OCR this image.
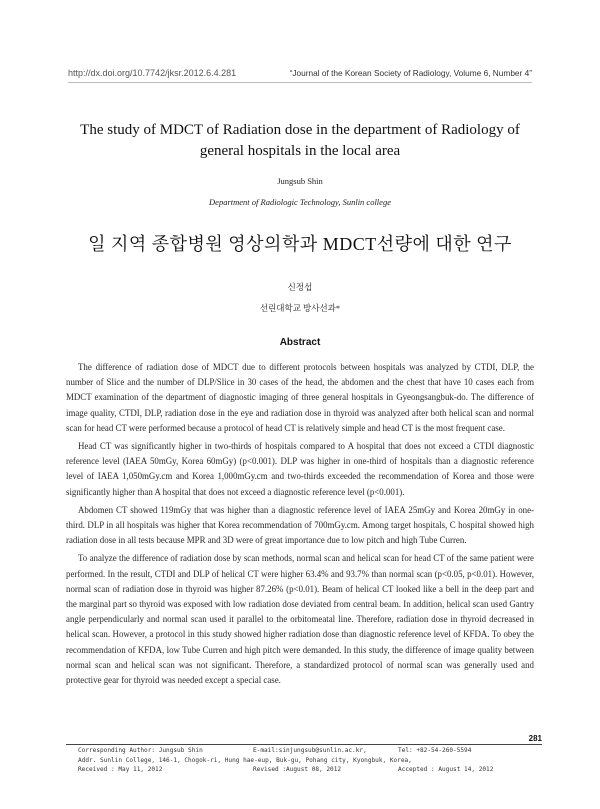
http://dx.doi.org/10.7742/jksr.2012.6.4.281	“Journal of the Korean Society of Radiology, Volume 6, Number 4”
The study of MDCT of Radiation dose in the department of Radiology of general hospitals in the local area
Jungsub Shin
Department of Radiologic Technology, Sunlin college
일 지역 종합병원 영상의학과 MDCT선량에 대한 연구
신정섭
선린대학교 방사선과*
Abstract

The difference of radiation dose of MDCT due to different protocols between hospitals was analyzed by CTDI, DLP, the number of Slice and the number of DLP/Slice in 30 cases of the head, the abdomen and the chest that have 10 cases each from MDCT examination of the department of diagnostic imaging of three general hospitals in Gyeongsangbuk-do. The difference of image quality, CTDI, DLP, radiation dose in the eye and radiation dose in thyroid was analyzed after both helical scan and normal scan for head CT were performed because a protocol of head CT is relatively simple and head CT is the most frequent case.

Head CT was significantly higher in two-thirds of hospitals compared to A hospital that does not exceed a CTDI diagnostic reference level (IAEA 50mGy, Korea 60mGy) (p<0.001). DLP was higher in one-third of hospitals than a diagnostic reference level of IAEA 1,050mGy.cm and Korea 1,000mGy.cm and two-thirds exceeded the recommendation of Korea and those were significantly higher than A hospital that does not exceed a diagnostic reference level (p<0.001).

Abdomen CT showed 119mGy that was higher than a diagnostic reference level of IAEA 25mGy and Korea 20mGy in one-third. DLP in all hospitals was higher that Korea recommendation of 700mGy.cm. Among target hospitals, C hospital showed high radiation dose in all tests because MPR and 3D were of great importance due to low pitch and high Tube Curren.

To analyze the difference of radiation dose by scan methods, normal scan and helical scan for head CT of the same patient were performed. In the result, CTDI and DLP of helical CT were higher 63.4% and 93.7% than normal scan (p<0.05, p<0.01). However, normal scan of radiation dose in thyroid was higher 87.26% (p<0.01). Beam of helical CT looked like a bell in the deep part and the marginal part so thyroid was exposed with low radiation dose deviated from central beam. In addition, helical scan used Gantry angle perpendicularly and normal scan used it parallel to the orbitomeatal line. Therefore, radiation dose in thyroid decreased in helical scan. However, a protocol in this study showed higher radiation dose than diagnostic reference level of KFDA. To obey the recommendation of KFDA, low Tube Curren and high pitch were demanded. In this study, the difference of image quality between normal scan and helical scan was not significant. Therefore, a standardized protocol of normal scan was generally used and protective gear for thyroid was needed except a special case.

281
Corresponding Author: Jungsub Shin	E-mail:sinjungsub@sunlin.ac.kr,	Tel: +82-54-260-5594
Addr. Sunlin College, 146-1, Chogok-ri, Hung hae-eup, Buk-gu, Pohang city, Kyongbuk, Korea,
Received : May 11, 2012	Revised :August 08, 2012	Accepted : August 14, 2012
